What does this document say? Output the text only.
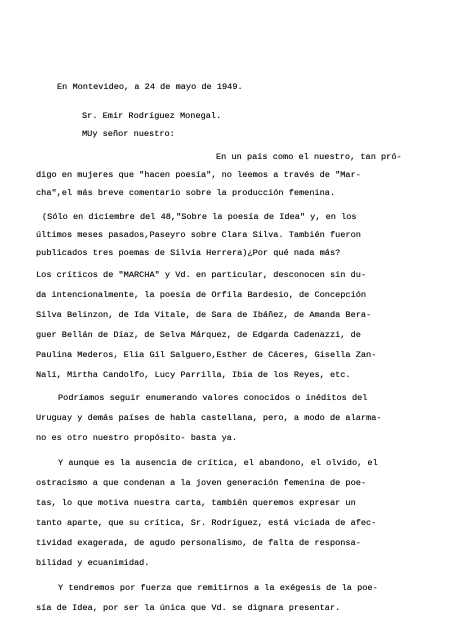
En Montevideo, a 24 de mayo de 1949.
Sr. Emir Rodríguez Monegal.
MUy señor nuestro:
En un país como el nuestro, tan pró-
digo en mujeres que "hacen poesía", no leemos a través de "Mar-
cha",el más breve comentario sobre la producción femenina.
(Sólo en diciembre del 48,"Sobre la poesía de Idea" y, en los
últimos meses pasados,Paseyro sobre Clara Silva. También fueron
publicados tres poemas de Silvia Herrera)¿Por qué nada más?
Los críticos de "MARCHA" y Vd. en particular, desconocen sin du-
da intencionalmente, la poesía de Orfila Bardesio, de Concepción
Silva Belinzon, de Ida Vitale, de Sara de Ibáñez, de Amanda Bera-
guer Bellán de Díaz, de Selva Márquez, de Edgarda Cadenazzi, de
Paulina Mederos, Elia Gil Salguero,Esther de Cáceres, Gisella Zan-
Nali, Mirtha Candolfo, Lucy Parrilla, Ibia de los Reyes, etc.
Podríamos seguir enumerando valores conocidos o inéditos del
Uruguay y demás países de habla castellana, pero, a modo de alarma-
no es otro nuestro propósito- basta ya.
Y aunque es la ausencia de crítica, el abandono, el olvido, el
ostracismo a que condenan a la joven generación femenina de poe-
tas, lo que motiva nuestra carta, también queremos expresar un
tanto aparte, que su crítica, Sr. Rodríguez, está viciada de afec-
tividad exagerada, de agudo personalismo, de falta de responsa-
bilidad y ecuanimidad.
Y tendremos por fuerza que remitirnos a la exégesis de la poe-
sía de Idea, por ser la única que Vd. se dignara presentar.
